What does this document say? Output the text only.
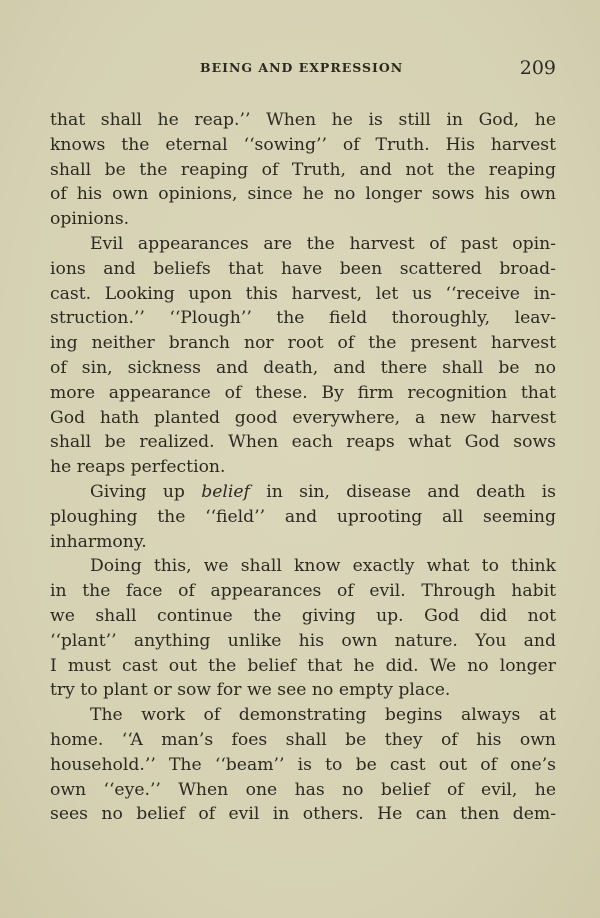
BEING AND EXPRESSION	209
that shall he reap.’’ When he is still in God, he
knows the eternal ‘‘sowing’’ of Truth. His harvest
shall be the reaping of Truth, and not the reaping
of his own opinions, since he no longer sows his own
opinions.
Evil appearances are the harvest of past opin-
ions and beliefs that have been scattered broad-
cast. Looking upon this harvest, let us ‘‘receive in-
struction.’’ ‘‘Plough’’ the field thoroughly, leav-
ing neither branch nor root of the present harvest
of sin, sickness and death, and there shall be no
more appearance of these. By firm recognition that
God hath planted good everywhere, a new harvest
shall be realized. When each reaps what God sows
he reaps perfection.
Giving up belief in sin, disease and death is
ploughing the ‘‘field’’ and uprooting all seeming
inharmony.
Doing this, we shall know exactly what to think
in the face of appearances of evil. Through habit
we shall continue the giving up. God did not
‘‘plant’’ anything unlike his own nature. You and
I must cast out the belief that he did. We no longer
try to plant or sow for we see no empty place.
The work of demonstrating begins always at
home. ‘‘A man’s foes shall be they of his own
household.’’ The ‘‘beam’’ is to be cast out of one’s
own ‘‘eye.’’ When one has no belief of evil, he
sees no belief of evil in others. He can then dem-
